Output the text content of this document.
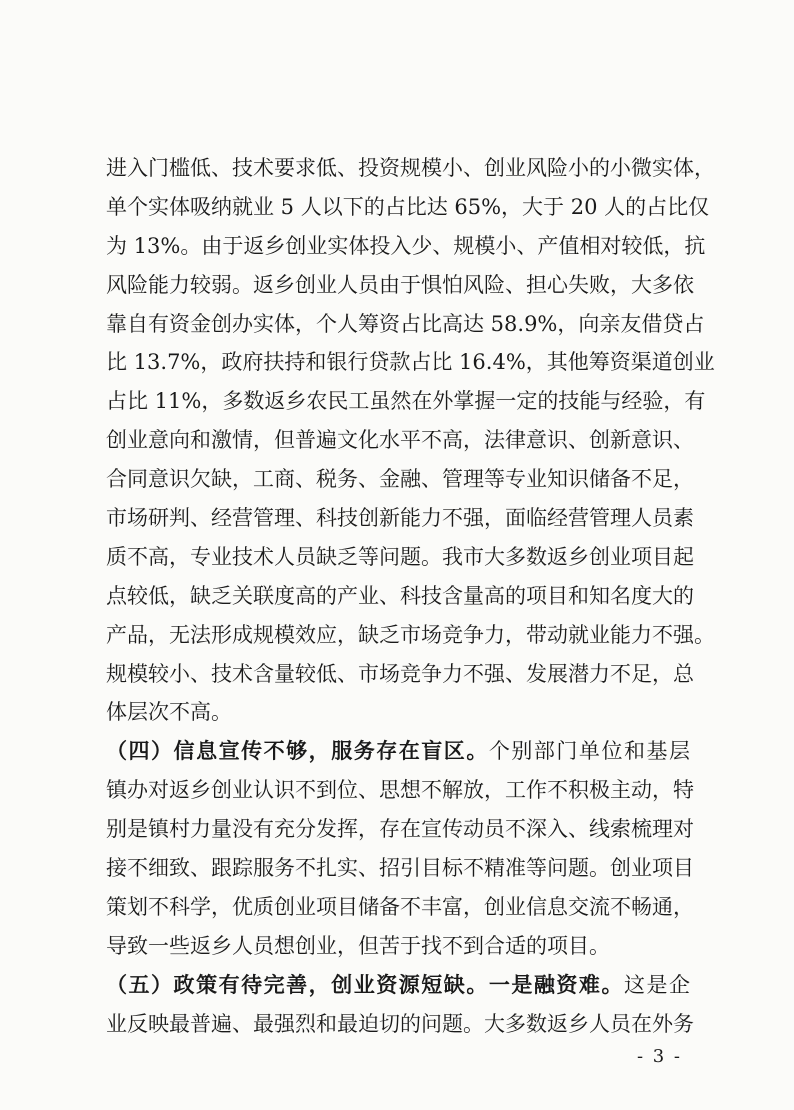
进入门槛低、技术要求低、投资规模小、创业风险小的小微实体，
单个实体吸纳就业 5 人以下的占比达 65%，大于 20 人的占比仅
为 13%。由于返乡创业实体投入少、规模小、产值相对较低，抗
风险能力较弱。返乡创业人员由于惧怕风险、担心失败，大多依
靠自有资金创办实体，个人筹资占比高达 58.9%，向亲友借贷占
比 13.7%，政府扶持和银行贷款占比 16.4%，其他筹资渠道创业
占比 11%，多数返乡农民工虽然在外掌握一定的技能与经验，有
创业意向和激情，但普遍文化水平不高，法律意识、创新意识、
合同意识欠缺，工商、税务、金融、管理等专业知识储备不足，
市场研判、经营管理、科技创新能力不强，面临经营管理人员素
质不高，专业技术人员缺乏等问题。我市大多数返乡创业项目起
点较低，缺乏关联度高的产业、科技含量高的项目和知名度大的
产品，无法形成规模效应，缺乏市场竞争力，带动就业能力不强。
规模较小、技术含量较低、市场竞争力不强、发展潜力不足，总
体层次不高。
（四）信息宣传不够，服务存在盲区。个别部门单位和基层
镇办对返乡创业认识不到位、思想不解放，工作不积极主动，特
别是镇村力量没有充分发挥，存在宣传动员不深入、线索梳理对
接不细致、跟踪服务不扎实、招引目标不精准等问题。创业项目
策划不科学，优质创业项目储备不丰富，创业信息交流不畅通，
导致一些返乡人员想创业，但苦于找不到合适的项目。
（五）政策有待完善，创业资源短缺。一是融资难。这是企
业反映最普遍、最强烈和最迫切的问题。大多数返乡人员在外务
- 3 -
